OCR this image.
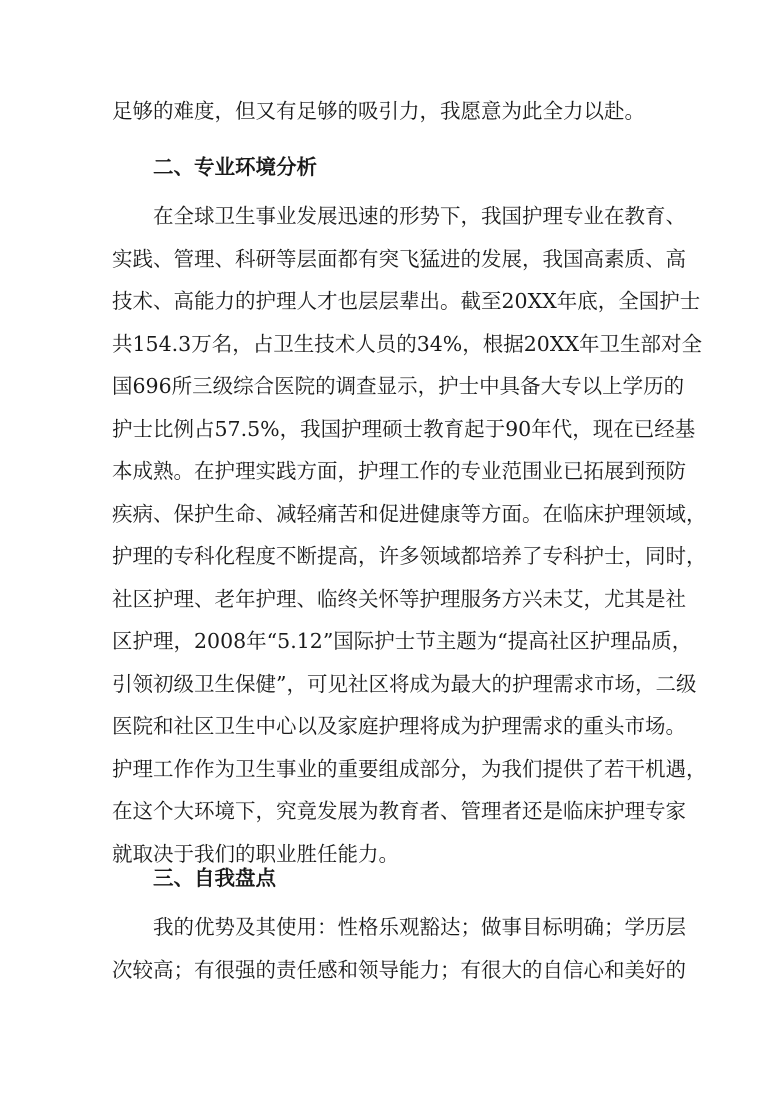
足够的难度，但又有足够的吸引力，我愿意为此全力以赴。
二、专业环境分析
在 全 球 卫 生 事 业 发 展 迅 速 的 形 势 下 ， 我 国 护 理 专 业 在 教 育 、
实 践 、 管 理 、 科 研 等 层 面 都 有 突 飞 猛 进 的 发 展 ， 我 国 高 素 质 、 高
技 术 、 高 能 力 的 护 理 人 才 也 层 层 辈 出 。 截 至 20XX 年 底 ， 全 国 护 士
共 154.3 万 名 ， 占 卫 生 技 术 人 员 的 34% ， 根 据 20XX 年 卫 生 部 对 全
国 696 所 三 级 综 合 医 院 的 调 查 显 示 ， 护 士 中 具 备 大 专 以 上 学 历 的
护 士 比 例 占 57.5% ， 我 国 护 理 硕 士 教 育 起 于 90 年 代 ， 现 在 已 经 基
本 成 熟 。 在 护 理 实 践 方 面 ， 护 理 工 作 的 专 业 范 围 业 已 拓 展 到 预 防
疾 病 、 保 护 生 命 、 减 轻 痛 苦 和 促 进 健 康 等 方 面 。 在 临 床 护 理 领 域 ，
护 理 的 专 科 化 程 度 不 断 提 高 ， 许 多 领 域 都 培 养 了 专 科 护 士 ， 同 时 ，
社 区 护 理 、 老 年 护 理 、 临 终 关 怀 等 护 理 服 务 方 兴 未 艾 ， 尤 其 是 社
区 护 理 ， 2008 年 “ 5.12 ” 国 际 护 士 节 主 题 为 “ 提 高 社 区 护 理 品 质 ，
引 领 初 级 卫 生 保 健 ” ， 可 见 社 区 将 成 为 最 大 的 护 理 需 求 市 场 ， 二 级
医 院 和 社 区 卫 生 中 心 以 及 家 庭 护 理 将 成 为 护 理 需 求 的 重 头 市 场 。
护 理 工 作 作 为 卫 生 事 业 的 重 要 组 成 部 分 ， 为 我 们 提 供 了 若 干 机 遇 ，
在 这 个 大 环 境 下 ， 究 竟 发 展 为 教 育 者 、 管 理 者 还 是 临 床 护 理 专 家
就取决于我们的职业胜任能力。
三、自我盘点
我 的 优 势 及 其 使 用 ： 性 格 乐 观 豁 达 ； 做 事 目 标 明 确 ； 学 历 层
次 较 高 ； 有 很 强 的 责 任 感 和 领 导 能 力 ； 有 很 大 的 自 信 心 和 美 好 的
